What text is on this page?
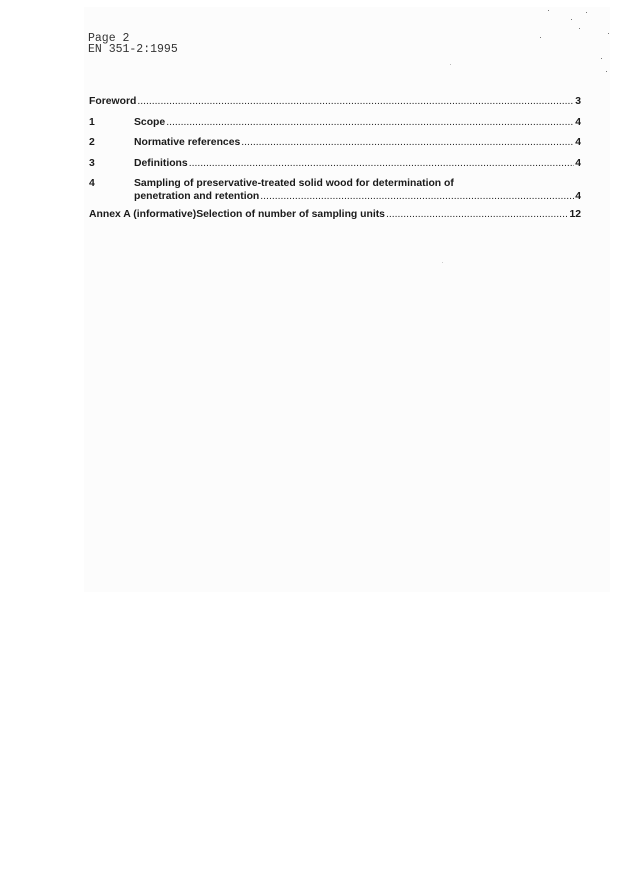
Page 2
EN 351-2:1995
Foreword .....	3
1	Scope .....	4
2	Normative references .....	4
3	Definitions .....	4
4	Sampling of preservative-treated solid wood for determination of
penetration and retention .....	4
Annex A (informative)Selection of number of sampling units .....	12
